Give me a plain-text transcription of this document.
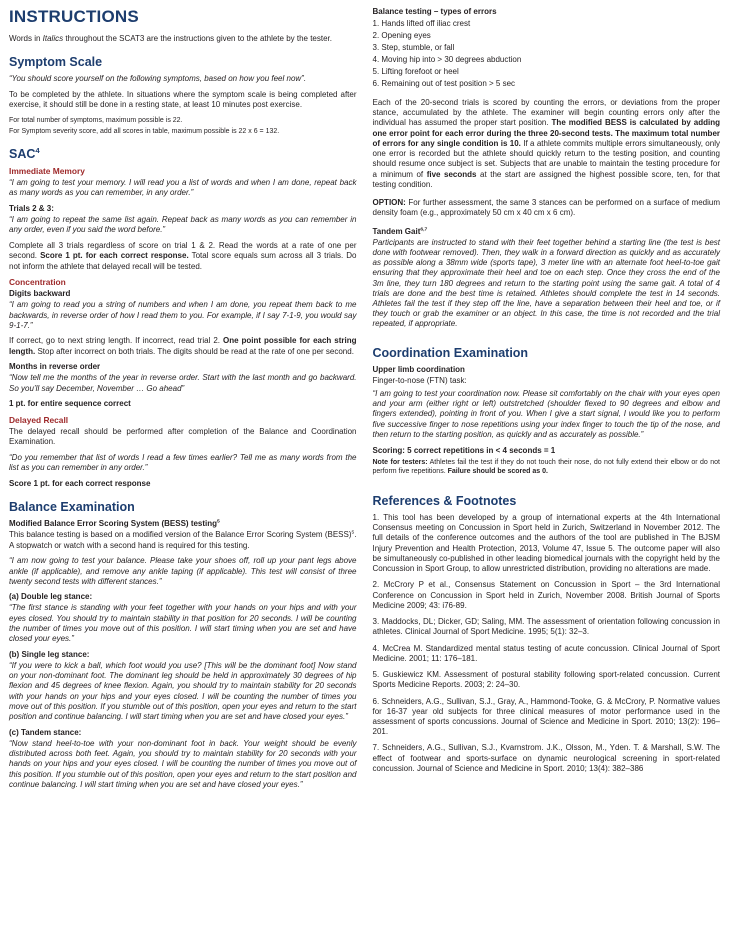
INSTRUCTIONS

Words in Italics throughout the SCAT3 are the instructions given to the athlete by the tester.

Symptom Scale

“You should score yourself on the following symptoms, based on how you feel now”.

To be completed by the athlete. In situations where the symptom scale is being completed after exercise, it should still be done in a resting state, at least 10 minutes post exercise.

For total number of symptoms, maximum possible is 22.

For Symptom severity score, add all scores in table, maximum possible is 22 x 6 = 132.

SAC$^4$
Immediate Memory

“I am going to test your memory. I will read you a list of words and when I am done, repeat back as many words as you can remember, in any order.”

Trials 2 & 3:

“I am going to repeat the same list again. Repeat back as many words as you can remember in any order, even if you said the word before.”

Complete all 3 trials regardless of score on trial 1 & 2. Read the words at a rate of one per second. Score 1 pt. for each correct response. Total score equals sum across all 3 trials. Do not inform the athlete that delayed recall will be tested.

Concentration
Digits backward

“I am going to read you a string of numbers and when I am done, you repeat them back to me backwards, in reverse order of how I read them to you. For example, if I say 7-1-9, you would say 9-1-7.”

If correct, go to next string length. If incorrect, read trial 2. One point possible for each string length. Stop after incorrect on both trials. The digits should be read at the rate of one per second.

Months in reverse order

“Now tell me the months of the year in reverse order. Start with the last month and go backward. So you’ll say December, November … Go ahead”

1 pt. for entire sequence correct

Delayed Recall

The delayed recall should be performed after completion of the Balance and Coordination Examination.

“Do you remember that list of words I read a few times earlier? Tell me as many words from the list as you can remember in any order.”

Score 1 pt. for each correct response

Balance Examination
Modified Balance Error Scoring System (BESS) testing$^5$

This balance testing is based on a modified version of the Balance Error Scoring System (BESS)$^5$. A stopwatch or watch with a second hand is required for this testing.

“I am now going to test your balance. Please take your shoes off, roll up your pant legs above ankle (if applicable), and remove any ankle taping (if applicable). This test will consist of three twenty second tests with different stances.”

(a) Double leg stance:

“The first stance is standing with your feet together with your hands on your hips and with your eyes closed. You should try to maintain stability in that position for 20 seconds. I will be counting the number of times you move out of this position. I will start timing when you are set and have closed your eyes.”

(b) Single leg stance:

“If you were to kick a ball, which foot would you use? [This will be the dominant foot] Now stand on your non-dominant foot. The dominant leg should be held in approximately 30 degrees of hip flexion and 45 degrees of knee flexion. Again, you should try to maintain stability for 20 seconds with your hands on your hips and your eyes closed. I will be counting the number of times you move out of this position. If you stumble out of this position, open your eyes and return to the start position and continue balancing. I will start timing when you are set and have closed your eyes.”

(c) Tandem stance:

“Now stand heel-to-toe with your non-dominant foot in back. Your weight should be evenly distributed across both feet. Again, you should try to maintain stability for 20 seconds with your hands on your hips and your eyes closed. I will be counting the number of times you move out of this position. If you stumble out of this position, open your eyes and return to the start position and continue balancing. I will start timing when you are set and have closed your eyes.”

Balance testing – types of errors
1. Hands lifted off iliac crest
2. Opening eyes
3. Step, stumble, or fall
4. Moving hip into > 30 degrees abduction
5. Lifting forefoot or heel
6. Remaining out of test position > 5 sec

Each of the 20-second trials is scored by counting the errors, or deviations from the proper stance, accumulated by the athlete. The examiner will begin counting errors only after the individual has assumed the proper start position. The modified BESS is calculated by adding one error point for each error during the three 20-second tests. The maximum total number of errors for any single condition is 10. If a athlete commits multiple errors simultaneously, only one error is recorded but the athlete should quickly return to the testing position, and counting should resume once subject is set. Subjects that are unable to maintain the testing procedure for a minimum of five seconds at the start are assigned the highest possible score, ten, for that testing condition.

OPTION: For further assessment, the same 3 stances can be performed on a surface of medium density foam (e.g., approximately 50 cm x 40 cm x 6 cm).

Tandem Gait$^{6,7}$

Participants are instructed to stand with their feet together behind a starting line (the test is best done with footwear removed). Then, they walk in a forward direction as quickly and as accurately as possible along a 38mm wide (sports tape), 3 meter line with an alternate foot heel-to-toe gait ensuring that they approximate their heel and toe on each step. Once they cross the end of the 3m line, they turn 180 degrees and return to the starting point using the same gait. A total of 4 trials are done and the best time is retained. Athletes should complete the test in 14 seconds. Athletes fail the test if they step off the line, have a separation between their heel and toe, or if they touch or grab the examiner or an object. In this case, the time is not recorded and the trial repeated, if appropriate.

Coordination Examination
Upper limb coordination

Finger-to-nose (FTN) task:

“I am going to test your coordination now. Please sit comfortably on the chair with your eyes open and your arm (either right or left) outstretched (shoulder flexed to 90 degrees and elbow and fingers extended), pointing in front of you. When I give a start signal, I would like you to perform five successive finger to nose repetitions using your index finger to touch the tip of the nose, and then return to the starting position, as quickly and as accurately as possible.”

Scoring: 5 correct repetitions in < 4 seconds = 1

Note for testers: Athletes fail the test if they do not touch their nose, do not fully extend their elbow or do not perform five repetitions. Failure should be scored as 0.

References & Footnotes

1. This tool has been developed by a group of international experts at the 4th International Consensus meeting on Concussion in Sport held in Zurich, Switzerland in November 2012. The full details of the conference outcomes and the authors of the tool are published in The BJSM Injury Prevention and Health Protection, 2013, Volume 47, Issue 5. The outcome paper will also be simultaneously co-published in other leading biomedical journals with the copyright held by the Concussion in Sport Group, to allow unrestricted distribution, providing no alterations are made.

2. McCrory P et al., Consensus Statement on Concussion in Sport – the 3rd International Conference on Concussion in Sport held in Zurich, November 2008. British Journal of Sports Medicine 2009; 43: i76-89.

3. Maddocks, DL; Dicker, GD; Saling, MM. The assessment of orientation following concussion in athletes. Clinical Journal of Sport Medicine. 1995; 5(1): 32–3.

4. McCrea M. Standardized mental status testing of acute concussion. Clinical Journal of Sport Medicine. 2001; 11: 176–181.

5. Guskiewicz KM. Assessment of postural stability following sport-related concussion. Current Sports Medicine Reports. 2003; 2: 24–30.

6. Schneiders, A.G., Sullivan, S.J., Gray, A., Hammond-Tooke, G. & McCrory, P. Normative values for 16-37 year old subjects for three clinical measures of motor performance used in the assessment of sports concussions. Journal of Science and Medicine in Sport. 2010; 13(2): 196–201.

7. Schneiders, A.G., Sullivan, S.J., Kvarnstrom. J.K., Olsson, M., Yden. T. & Marshall, S.W. The effect of footwear and sports-surface on dynamic neurological screening in sport-related concussion. Journal of Science and Medicine in Sport. 2010; 13(4): 382–386
